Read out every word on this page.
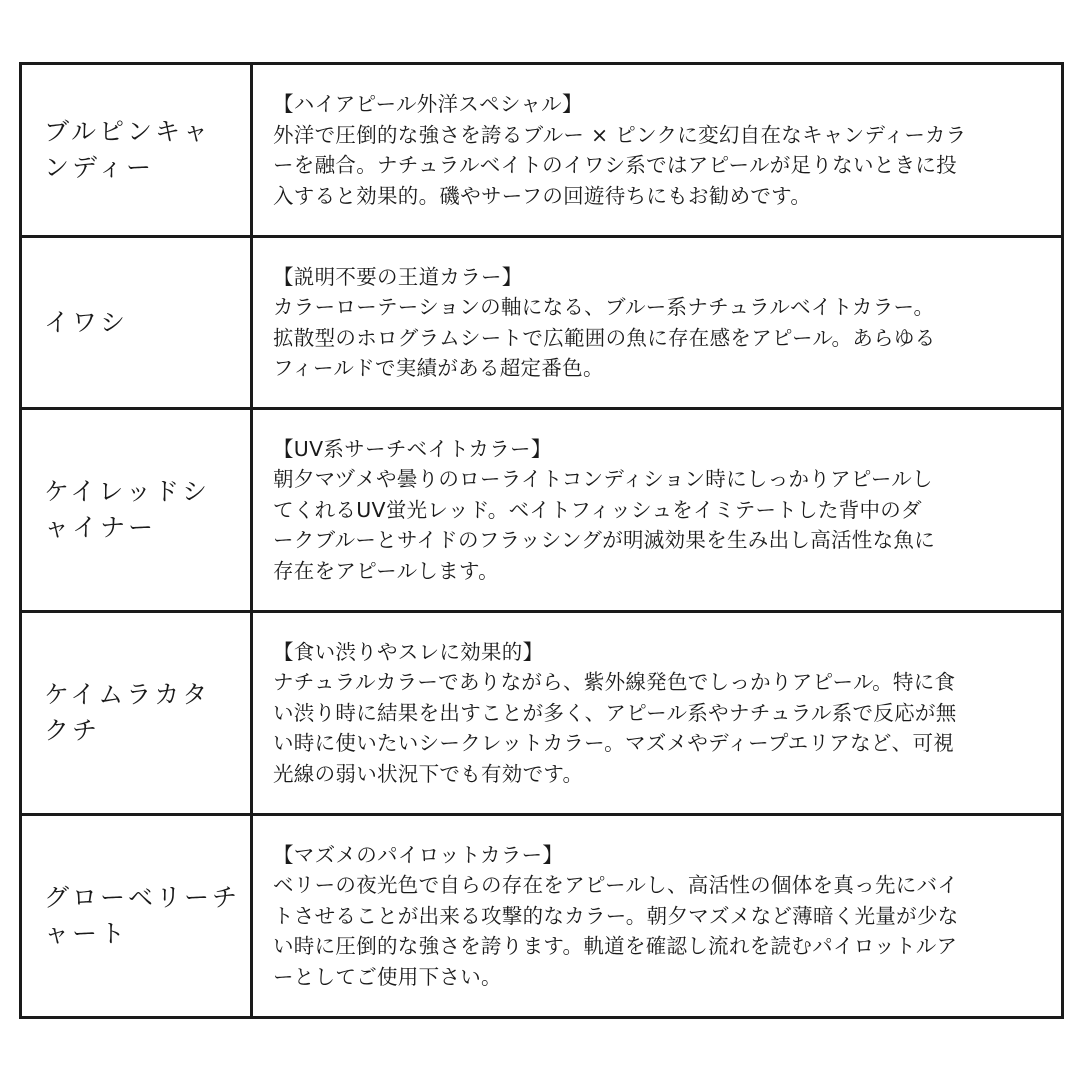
ブルピンキャ
ンディー	【ハイアピール外洋スペシャル】
外洋で圧倒的な強さを誇るブルー × ピンクに変幻自在なキャンディーカラ
ーを融合。ナチュラルベイトのイワシ系ではアピールが足りないときに投
入すると効果的。磯やサーフの回遊待ちにもお勧めです。

イワシ	【説明不要の王道カラー】
カラーローテーションの軸になる、ブルー系ナチュラルベイトカラー。
拡散型のホログラムシートで広範囲の魚に存在感をアピール。あらゆる
フィールドで実績がある超定番色。

ケイレッドシ
ャイナー	【UV系サーチベイトカラー】
朝夕マヅメや曇りのローライトコンディション時にしっかりアピールし
てくれるUV蛍光レッド。ベイトフィッシュをイミテートした背中のダ
ークブルーとサイドのフラッシングが明滅効果を生み出し高活性な魚に
存在をアピールします。

ケイムラカタ
クチ	【食い渋りやスレに効果的】
ナチュラルカラーでありながら、紫外線発色でしっかりアピール。特に食
い渋り時に結果を出すことが多く、アピール系やナチュラル系で反応が無
い時に使いたいシークレットカラー。マズメやディープエリアなど、可視
光線の弱い状況下でも有効です。

グローベリーチ
ャート	【マズメのパイロットカラー】
ベリーの夜光色で自らの存在をアピールし、高活性の個体を真っ先にバイ
トさせることが出来る攻撃的なカラー。朝夕マズメなど薄暗く光量が少な
い時に圧倒的な強さを誇ります。軌道を確認し流れを読むパイロットルア
ーとしてご使用下さい。
